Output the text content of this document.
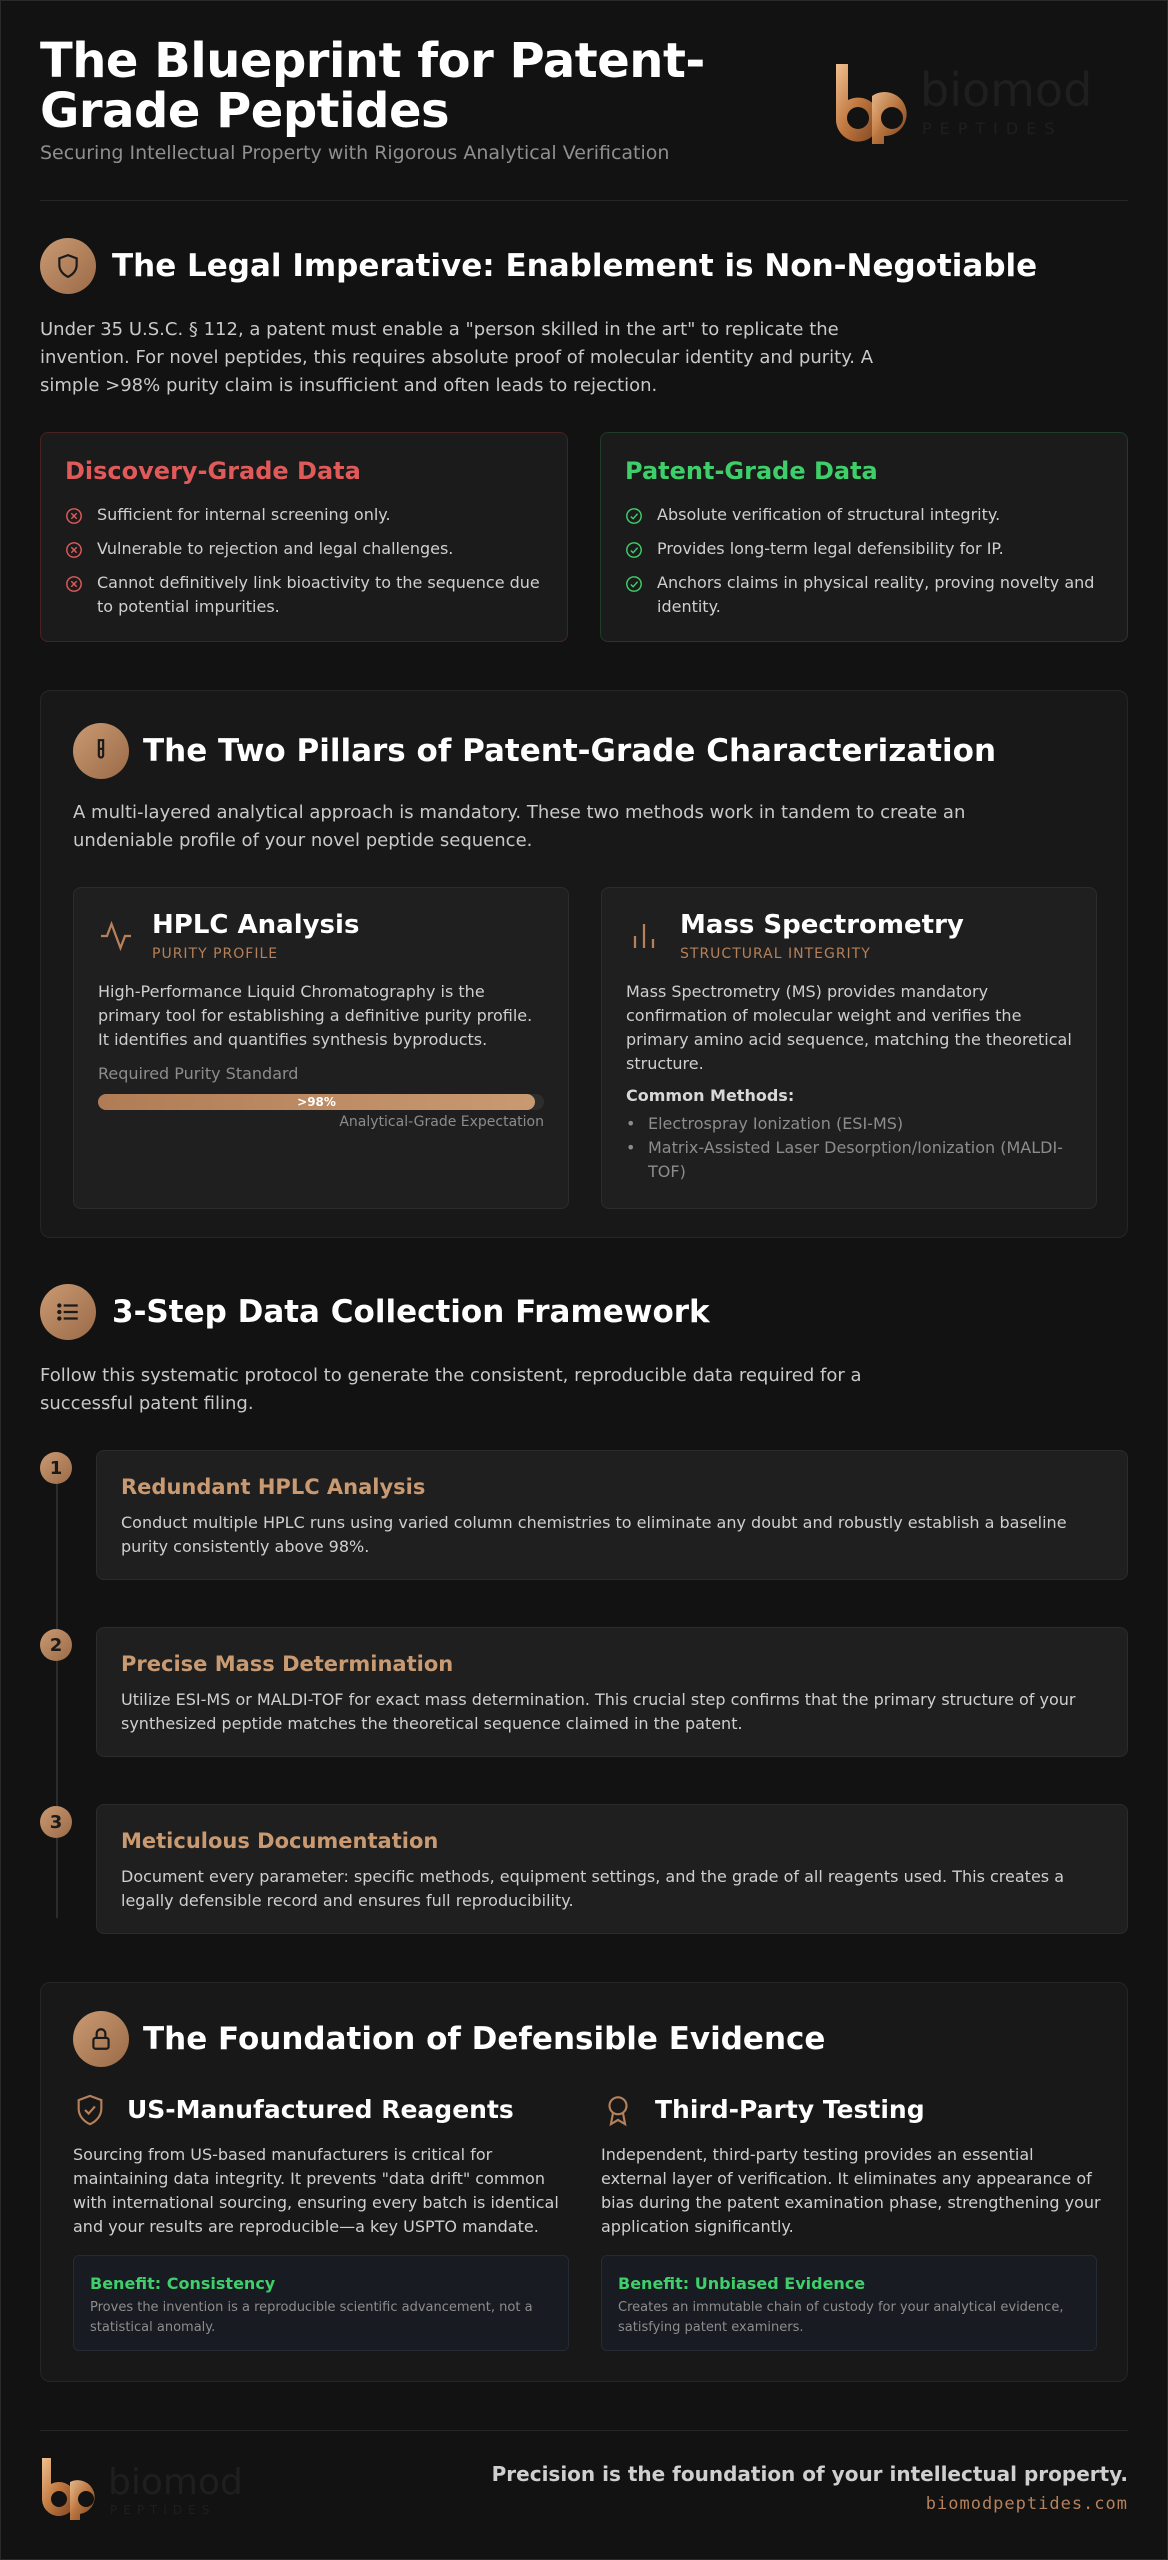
The Blueprint for Patent-Grade Peptides
Securing Intellectual Property with Rigorous Analytical Verification
biomod
PEPTIDES
The Legal Imperative: Enablement is Non-Negotiable

Under 35 U.S.C. § 112, a patent must enable a "person skilled in the art" to replicate the invention. For novel peptides, this requires absolute proof of molecular identity and purity. A simple >98% purity claim is insufficient and often leads to rejection.

Discovery-Grade Data
Sufficient for internal screening only.
Vulnerable to rejection and legal challenges.
Cannot definitively link bioactivity to the sequence due to potential impurities.
Patent-Grade Data
Absolute verification of structural integrity.
Provides long-term legal defensibility for IP.
Anchors claims in physical reality, proving novelty and identity.
The Two Pillars of Patent-Grade Characterization

A multi-layered analytical approach is mandatory. These two methods work in tandem to create an undeniable profile of your novel peptide sequence.

HPLC Analysis
PURITY PROFILE

High-Performance Liquid Chromatography is the primary tool for establishing a definitive purity profile. It identifies and quantifies synthesis byproducts.

Required Purity Standard
>98%
Analytical-Grade Expectation
Mass Spectrometry
STRUCTURAL INTEGRITY

Mass Spectrometry (MS) provides mandatory confirmation of molecular weight and verifies the primary amino acid sequence, matching the theoretical structure.

Common Methods:
• Electrospray Ionization (ESI-MS)
• Matrix-Assisted Laser Desorption/Ionization (MALDI-TOF)
3-Step Data Collection Framework

Follow this systematic protocol to generate the consistent, reproducible data required for a successful patent filing.

1
Redundant HPLC Analysis

Conduct multiple HPLC runs using varied column chemistries to eliminate any doubt and robustly establish a baseline purity consistently above 98%.

2
Precise Mass Determination

Utilize ESI-MS or MALDI-TOF for exact mass determination. This crucial step confirms that the primary structure of your synthesized peptide matches the theoretical sequence claimed in the patent.

3
Meticulous Documentation

Document every parameter: specific methods, equipment settings, and the grade of all reagents used. This creates a legally defensible record and ensures full reproducibility.

The Foundation of Defensible Evidence
US-Manufactured Reagents

Sourcing from US-based manufacturers is critical for maintaining data integrity. It prevents "data drift" common with international sourcing, ensuring every batch is identical and your results are reproducible—a key USPTO mandate.

Benefit: Consistency

Proves the invention is a reproducible scientific advancement, not a statistical anomaly.

Third-Party Testing

Independent, third-party testing provides an essential external layer of verification. It eliminates any appearance of bias during the patent examination phase, strengthening your application significantly.

Benefit: Unbiased Evidence

Creates an immutable chain of custody for your analytical evidence, satisfying patent examiners.

biomod
PEPTIDES
Precision is the foundation of your intellectual property.
biomodpeptides.com
